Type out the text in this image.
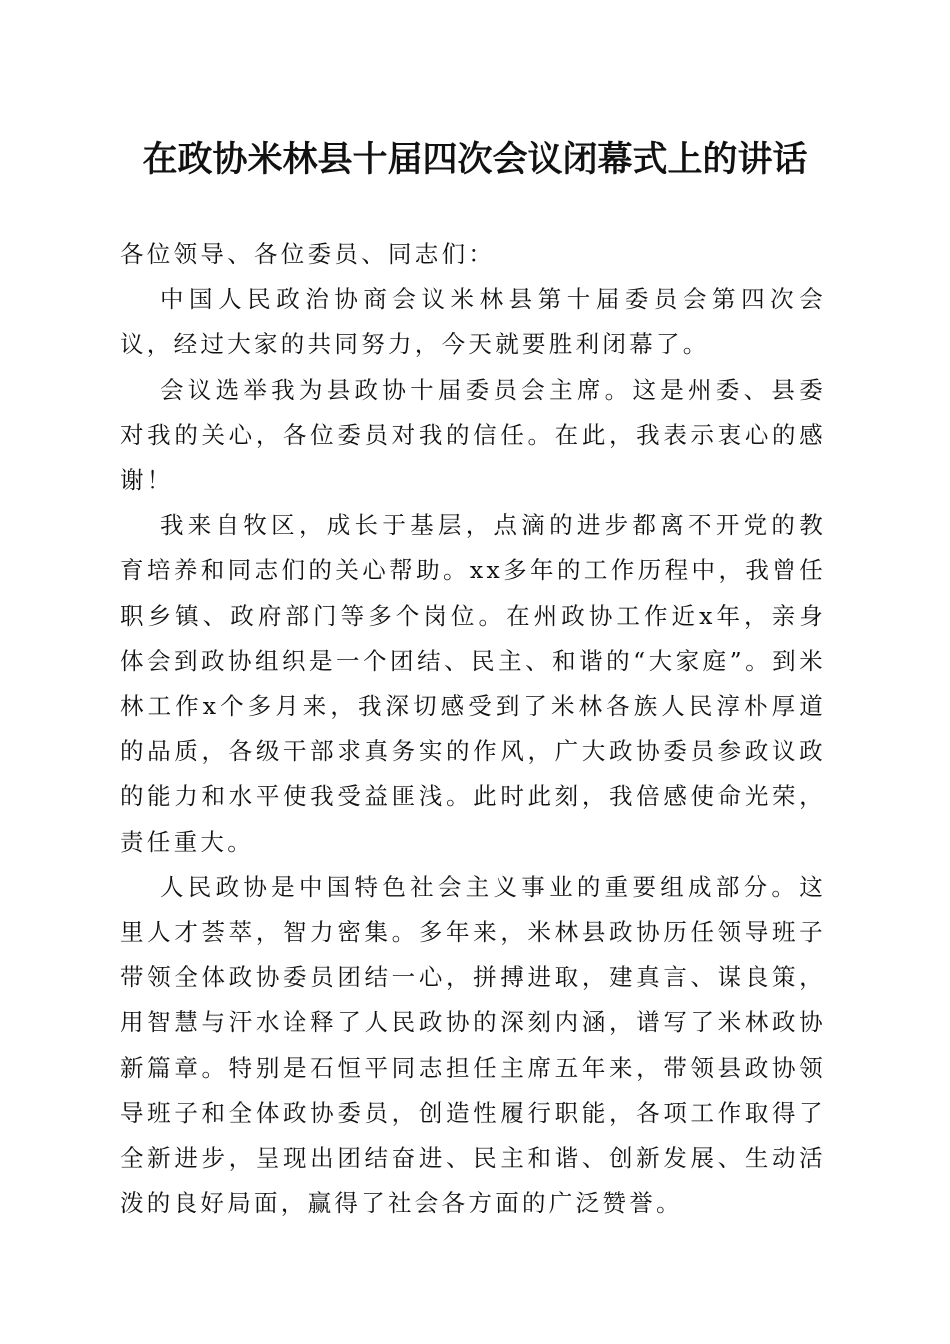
在政协米林县十届四次会议闭幕式上的讲话

各位领导、各位委员、同志们：

中国人民政治协商会议米林县第十届委员会第四次会议，经过大家的共同努力，今天就要胜利闭幕了。

会议选举我为县政协十届委员会主席。这是州委、县委对我的关心，各位委员对我的信任。在此，我表示衷心的感谢！

我来自牧区，成长于基层，点滴的进步都离不开党的教育培养和同志们的关心帮助。xx多年的工作历程中，我曾任职乡镇、政府部门等多个岗位。在州政协工作近x年，亲身体会到政协组织是一个团结、民主、和谐的“大家庭”。到米林工作x个多月来，我深切感受到了米林各族人民淳朴厚道的品质，各级干部求真务实的作风，广大政协委员参政议政的能力和水平使我受益匪浅。此时此刻，我倍感使命光荣，责任重大。

人民政协是中国特色社会主义事业的重要组成部分。这里人才荟萃，智力密集。多年来，米林县政协历任领导班子带领全体政协委员团结一心，拼搏进取，建真言、谋良策，用智慧与汗水诠释了人民政协的深刻内涵，谱写了米林政协新篇章。特别是石恒平同志担任主席五年来，带领县政协领导班子和全体政协委员，创造性履行职能，各项工作取得了全新进步，呈现出团结奋进、民主和谐、创新发展、生动活泼的良好局面，赢得了社会各方面的广泛赞誉。
